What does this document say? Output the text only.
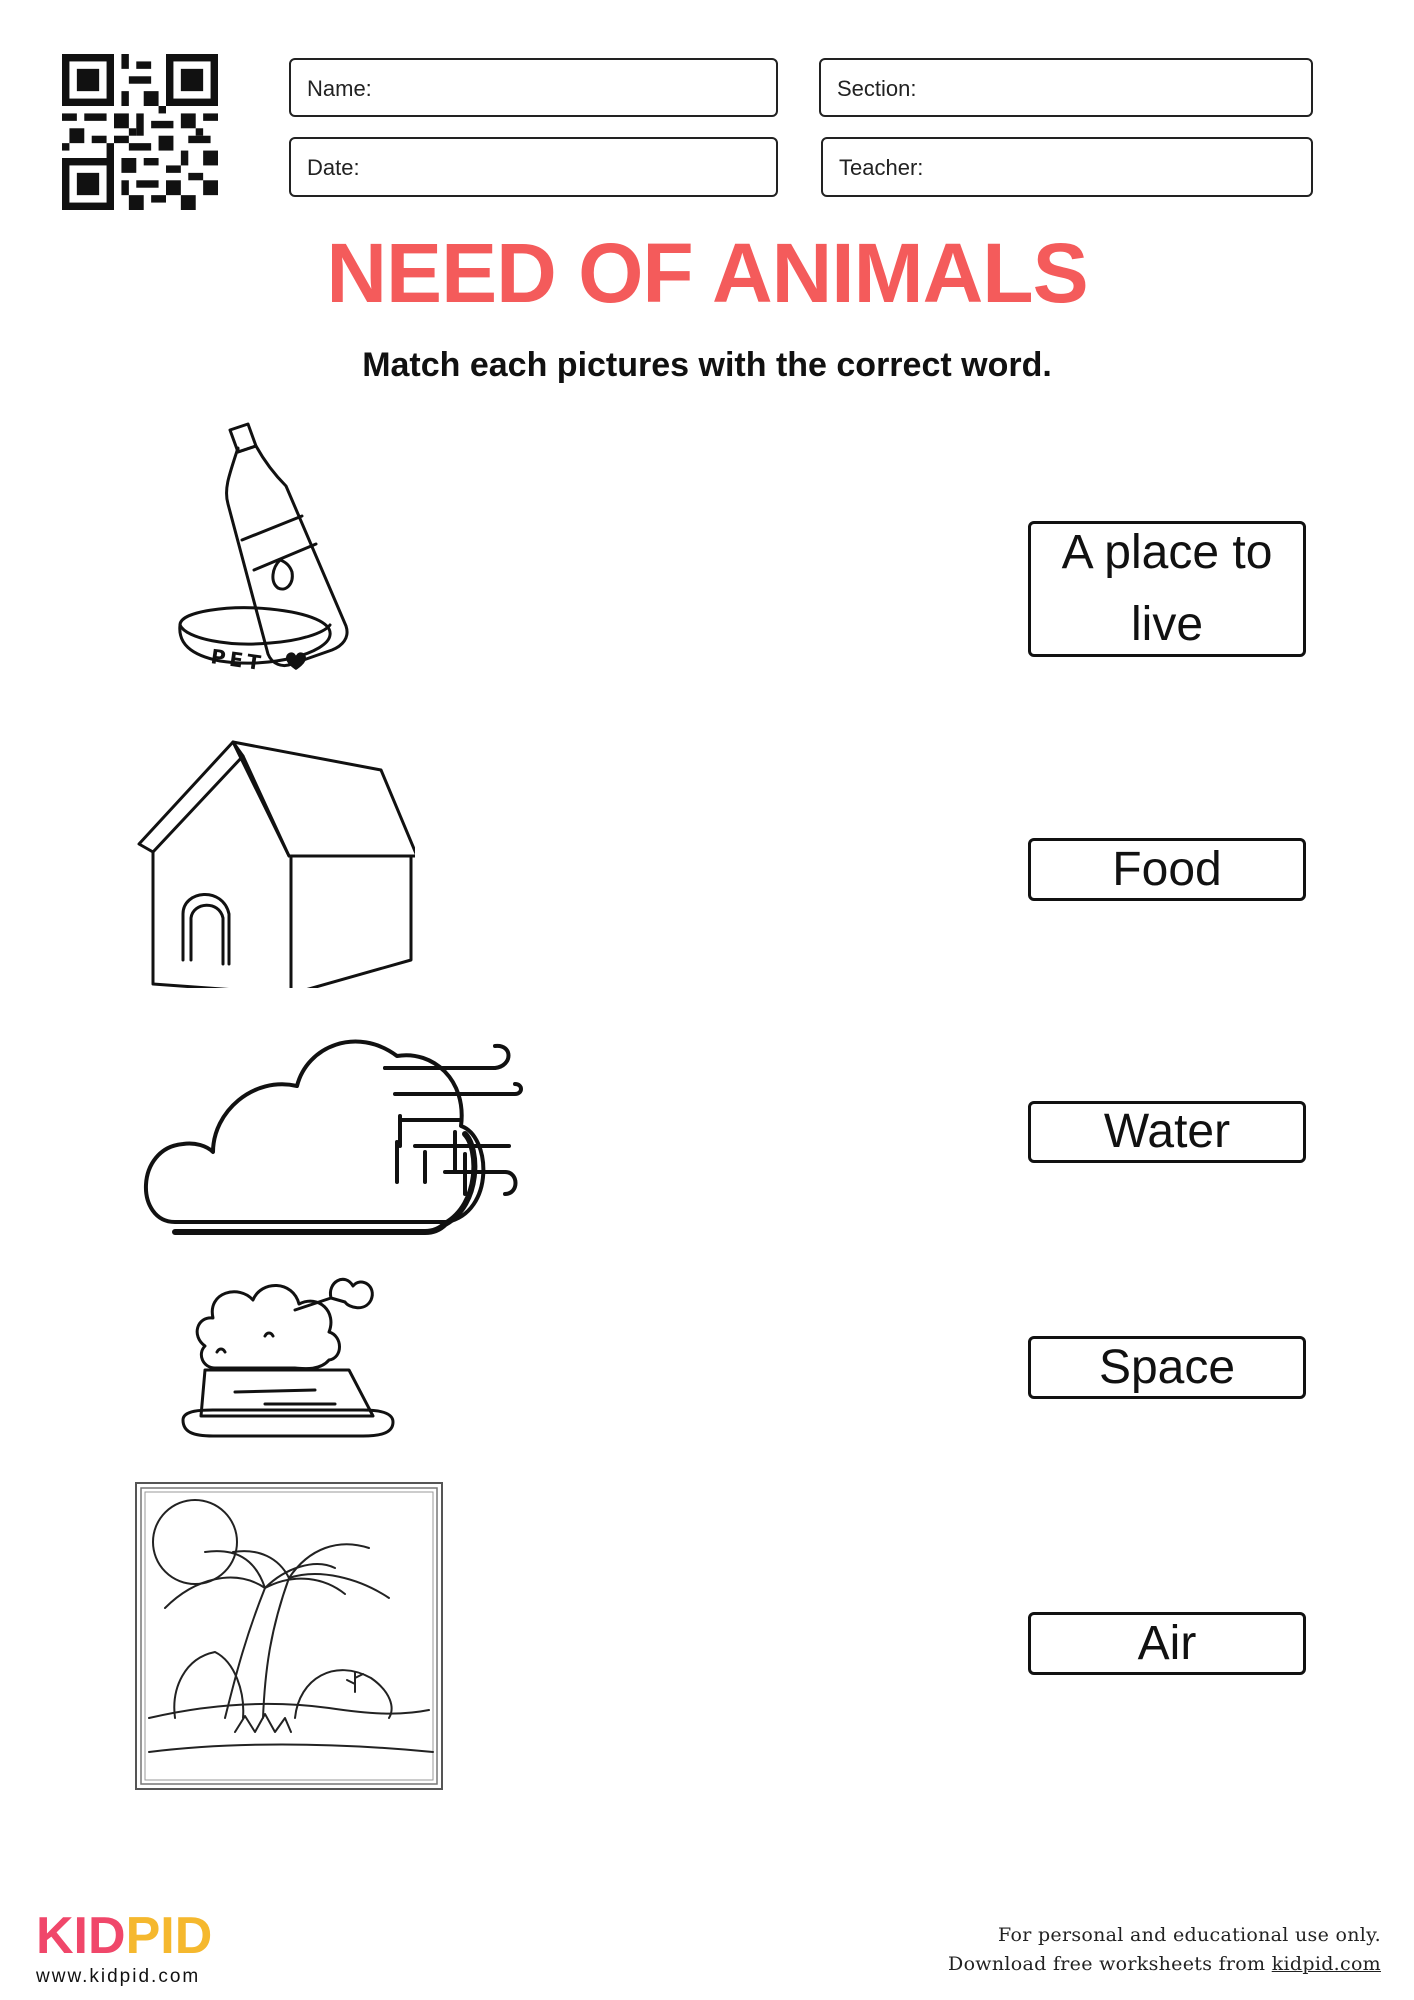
Name:	Section:
Date:	Teacher:
NEED OF ANIMALS
Match each pictures with the correct word.
PET
A place to live
Food
Water
Space
Air
KIDPID
www.kidpid.com
For personal and educational use only.
Download free worksheets from kidpid.com
